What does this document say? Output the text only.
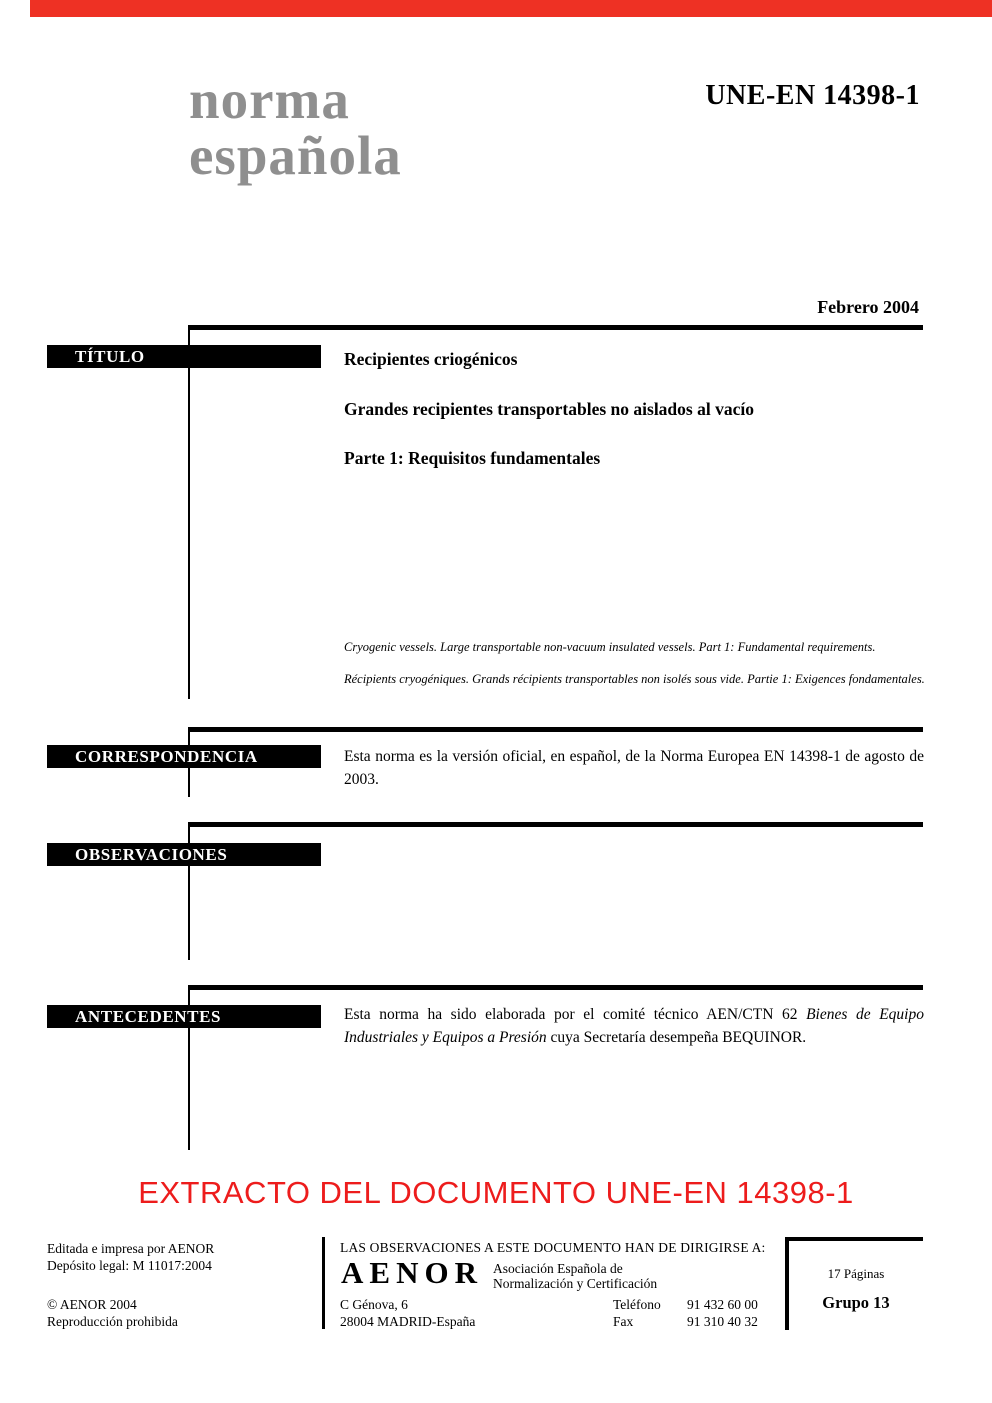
norma
española
UNE-EN 14398-1
Febrero 2004
TÍTULO
CORRESPONDENCIA
OBSERVACIONES
ANTECEDENTES
Recipientes criogénicos
Grandes recipientes transportables no aislados al vacío
Parte 1: Requisitos fundamentales
Cryogenic vessels. Large transportable non-vacuum insulated vessels. Part 1: Fundamental requirements.
Récipients cryogéniques. Grands récipients transportables non isolés sous vide. Partie 1: Exigences fondamentales.
Esta norma es la versión oficial, en español, de la Norma Europea EN 14398-1 de agosto de 2003.
Esta norma ha sido elaborada por el comité técnico AEN/CTN 62 Bienes de Equipo Industriales y Equipos a Presión cuya Secretaría desempeña BEQUINOR.
EXTRACTO DEL DOCUMENTO UNE-EN 14398-1
Editada e impresa por AENOR
Depósito legal: M 11017:2004
© AENOR 2004
Reproducción prohibida
LAS OBSERVACIONES A ESTE DOCUMENTO HAN DE DIRIGIRSE A:
AENOR Asociación Española de
Normalización y Certificación
C Génova, 6
28004 MADRID-España
Teléfono
Fax
91 432 60 00
91 310 40 32
17 Páginas
Grupo 13
